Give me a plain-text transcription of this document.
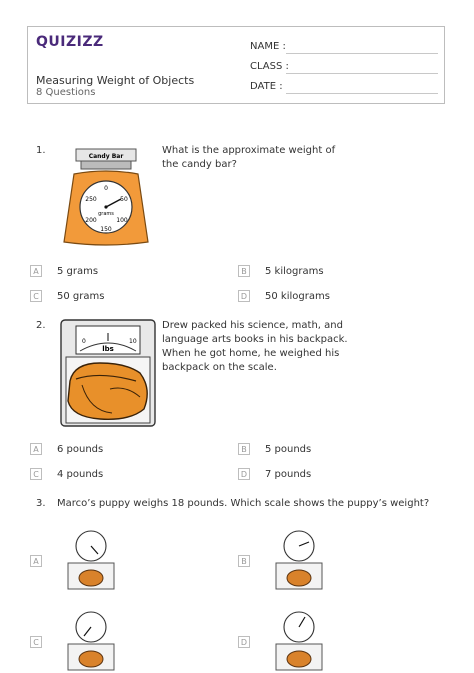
QUIZIZZ
Measuring Weight of Objects
8 Questions
NAME :
CLASS :
DATE :
1.	What is the approximate weight of
the candy bar?
Candy Bar
0
50
100
150
200
250
grams
A	5 grams	B	5 kilograms
C	50 grams	D 50 kilograms
2.	Drew packed his science, math, and
language arts books in his backpack.
When he got home, he weighed his
backpack on the scale.
0	10
lbs
A	6 pounds	B	5 pounds
C	4 pounds	D 7 pounds
3. Marco’s puppy weighs 18 pounds. Which scale shows the puppy’s weight?
A	B
C	D
